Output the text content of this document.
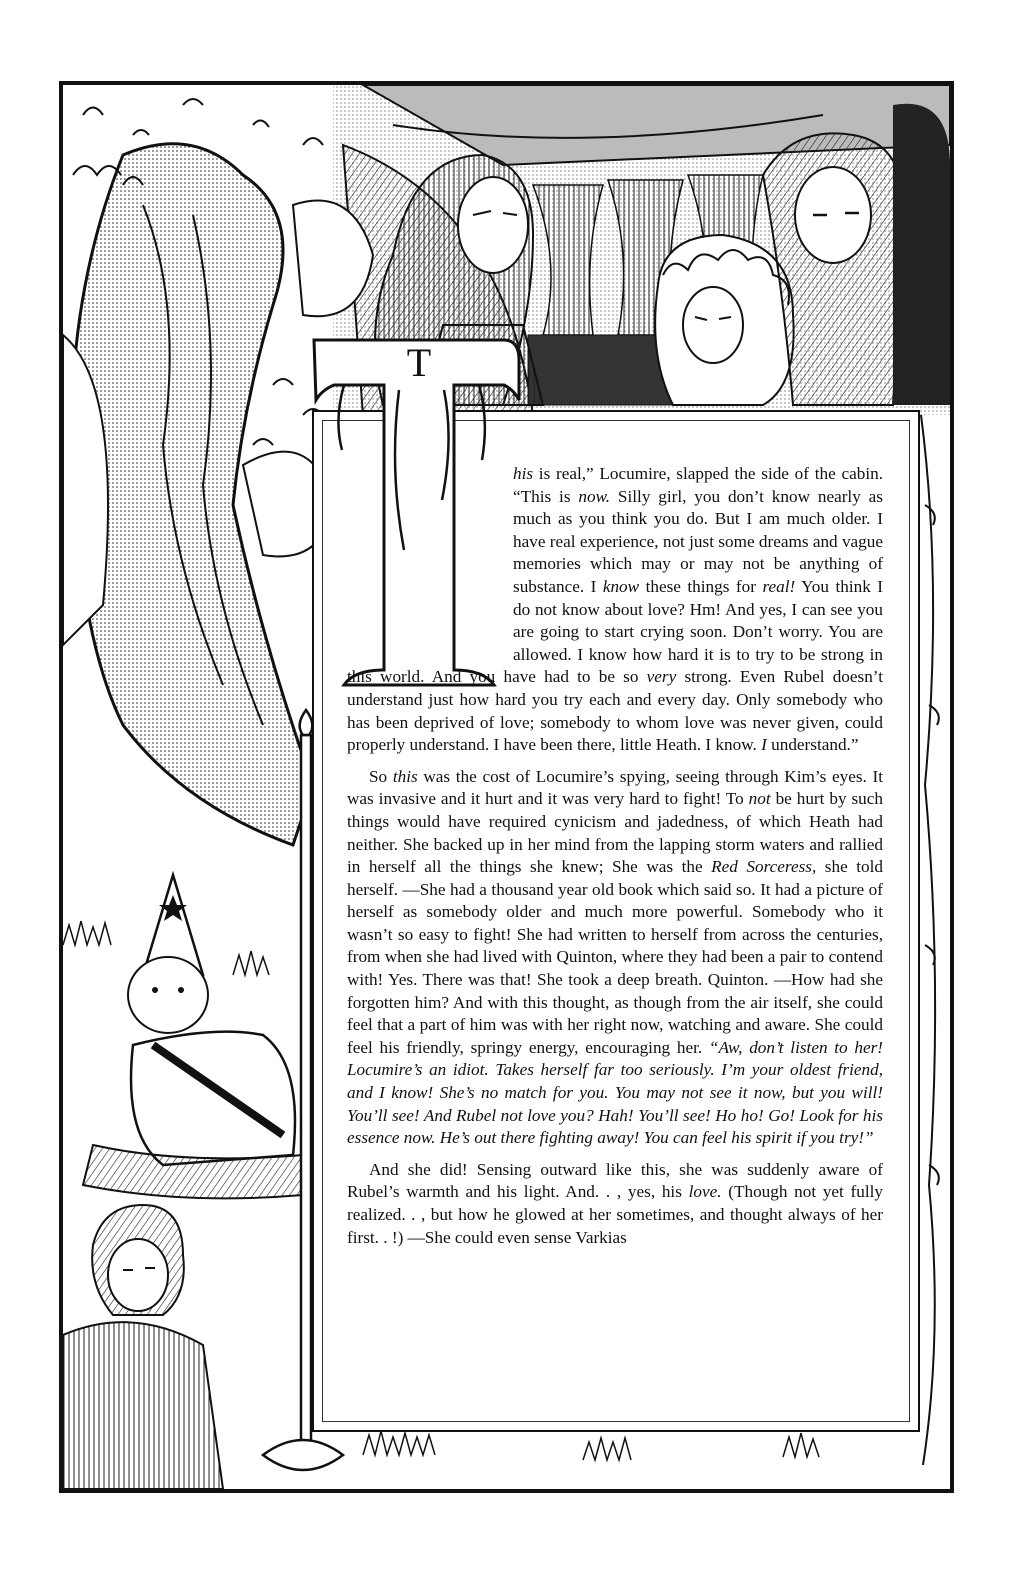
T

his is real,” Locumire, slapped the side of the cabin. “This is now. Silly girl, you don’t know nearly as much as you think you do. But I am much older. I have real experience, not just some dreams and vague memories which may or may not be anything of substance. I know these things for real! You think I do not know about love? Hm! And yes, I can see you are going to start crying soon. Don’t worry. You are allowed. I know how hard it is to try to be strong in this world. And you have had to be so very strong. Even Rubel doesn’t understand just how hard you try each and every day. Only somebody who has been deprived of love; somebody to whom love was never given, could properly understand. I have been there, little Heath. I know. I understand.”

So this was the cost of Locumire’s spying, seeing through Kim’s eyes. It was invasive and it hurt and it was very hard to fight! To not be hurt by such things would have required cynicism and jadedness, of which Heath had neither. She backed up in her mind from the lapping storm waters and rallied in herself all the things she knew; She was the Red Sorceress, she told herself. —She had a thousand year old book which said so. It had a picture of herself as somebody older and much more powerful. Somebody who it wasn’t so easy to fight! She had written to herself from across the centuries, from when she had lived with Quinton, where they had been a pair to contend with! Yes. There was that! She took a deep breath. Quinton. —How had she forgotten him? And with this thought, as though from the air itself, she could feel that a part of him was with her right now, watching and aware. She could feel his friendly, springy energy, encouraging her. “Aw, don’t listen to her! Locumire’s an idiot. Takes herself far too seriously. I’m your oldest friend, and I know! She’s no match for you. You may not see it now, but you will! You’ll see! And Rubel not love you? Hah! You’ll see! Ho ho! Go! Look for his essence now. He’s out there fighting away! You can feel his spirit if you try!”

And she did! Sensing outward like this, she was suddenly aware of Rubel’s warmth and his light. And. . , yes, his love. (Though not yet fully realized. . , but how he glowed at her sometimes, and thought always of her first. . !) —She could even sense Varkias
